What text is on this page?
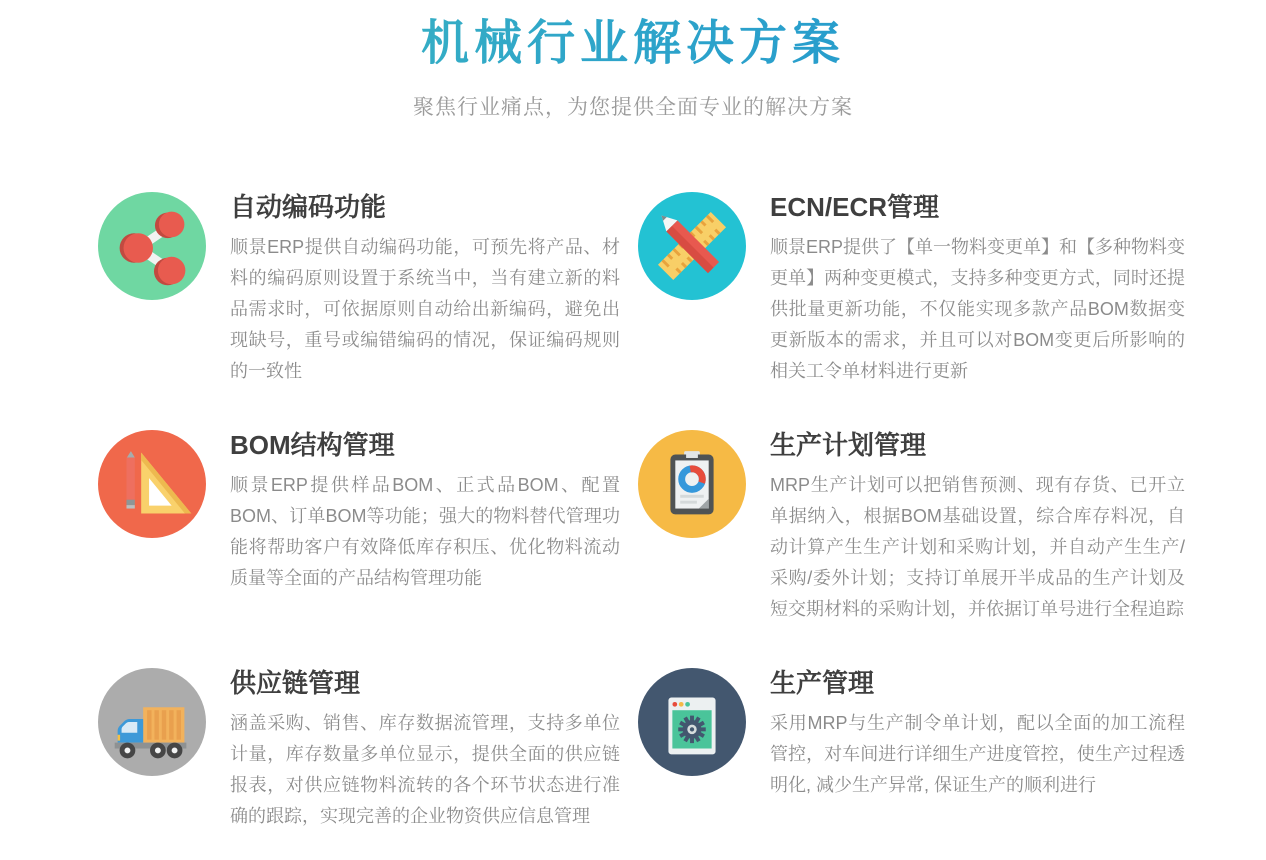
机械行业解决方案

聚焦行业痛点，为您提供全面专业的解决方案

自动编码功能

顺景ERP提供自动编码功能，可预先将产品、材料的编码原则设置于系统当中，当有建立新的料品需求时，可依据原则自动给出新编码，避免出现缺号，重号或编错编码的情况，保证编码规则的一致性

ECN/ECR管理

顺景ERP提供了【单一物料变更单】和【多种物料变更单】两种变更模式，支持多种变更方式，同时还提供批量更新功能，不仅能实现多款产品BOM数据变更新版本的需求，并且可以对BOM变更后所影响的相关工令单材料进行更新

BOM结构管理

顺景ERP提供样品BOM、正式品BOM、配置BOM、订单BOM等功能；强大的物料替代管理功能将帮助客户有效降低库存积压、优化物料流动质量等全面的产品结构管理功能

生产计划管理

MRP生产计划可以把销售预测、现有存货、已开立单据纳入，根据BOM基础设置，综合库存料况，自动计算产生生产计划和采购计划，并自动产生生产/采购/委外计划；支持订单展开半成品的生产计划及短交期材料的采购计划，并依据订单号进行全程追踪

供应链管理

涵盖采购、销售、库存数据流管理，支持多单位计量，库存数量多单位显示，提供全面的供应链报表，对供应链物料流转的各个环节状态进行准确的跟踪，实现完善的企业物资供应信息管理

生产管理

采用MRP与生产制令单计划，配以全面的加工流程管控，对车间进行详细生产进度管控，使生产过程透明化, 减少生产异常, 保证生产的顺利进行
